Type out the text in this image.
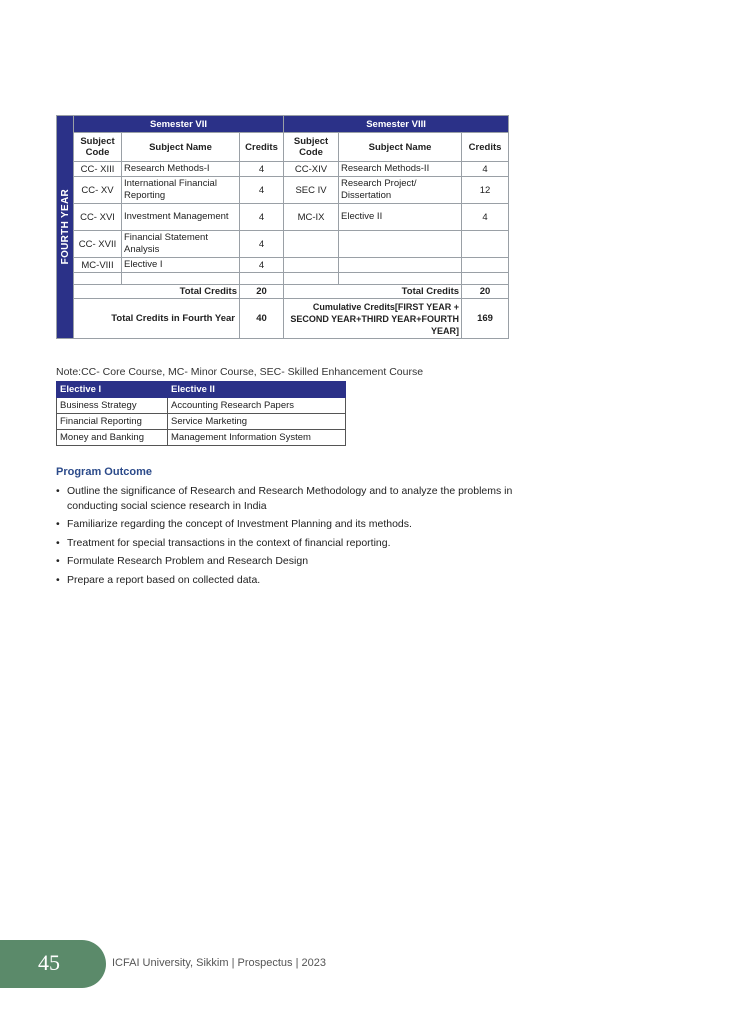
FOURTH YEAR	Semester VII			Semester VIII		
	Subject Code	Subject Name	Credits	Subject Code	Subject Name	Credits
	CC- XIII	Research Methods-I	4	CC-XIV	Research Methods-II	4
	CC- XV	International Financial Reporting	4	SEC IV	Research Project/ Dissertation	12
	CC- XVI	Investment Management	4	MC-IX	Elective II	4
	CC- XVII	Financial Statement Analysis	4			
	MC-VIII	Elective I	4			

	Total Credits		20	Total Credits		20
	Total Credits in Fourth Year		40	Cumulative Credits[FIRST YEAR + SECOND YEAR+THIRD YEAR+FOURTH YEAR]		169
Note:CC- Core Course, MC- Minor Course, SEC- Skilled Enhancement Course
Elective I	Elective II
Business Strategy	Accounting Research Papers
Financial Reporting	Service Marketing
Money and Banking	Management Information System
Program Outcome
• Outline the significance of Research and Research Methodology and to analyze the problems in conducting social science research in India
• Familiarize regarding the concept of Investment Planning and its methods.
• Treatment for special transactions in the context of financial reporting.
• Formulate Research Problem and Research Design
• Prepare a report based on collected data.
45	ICFAI University, Sikkim | Prospectus | 2023
